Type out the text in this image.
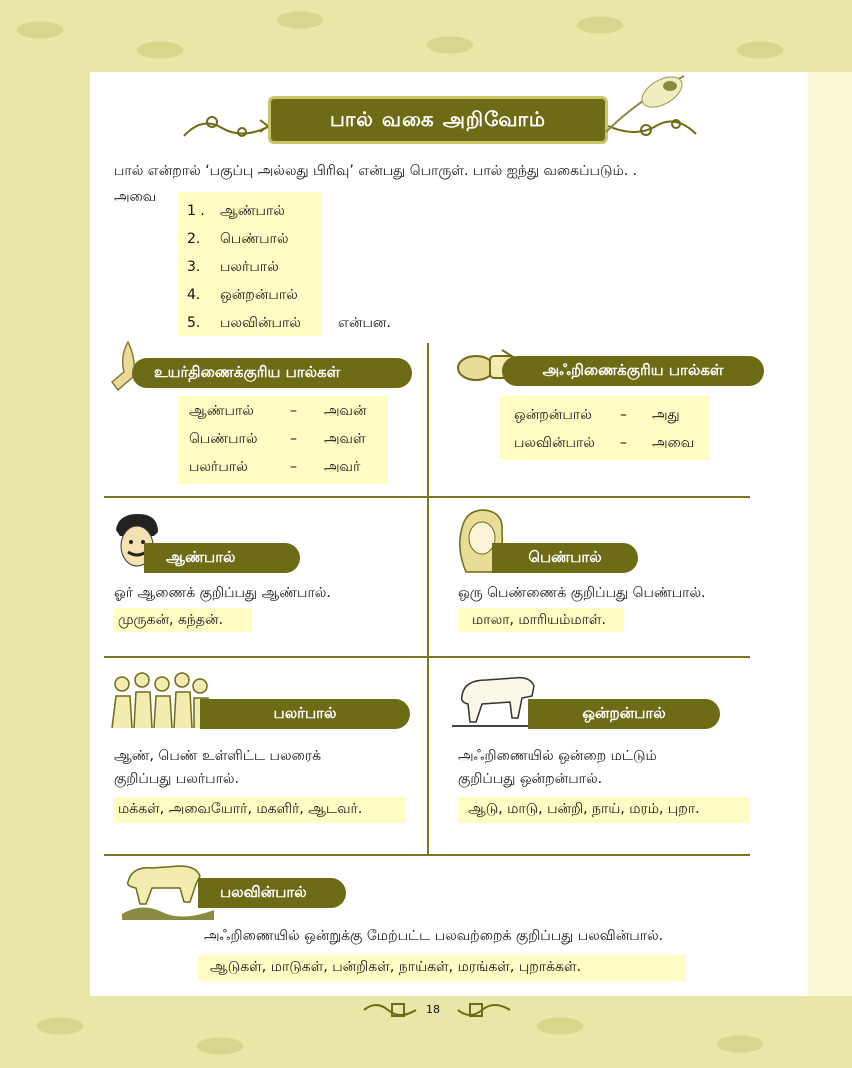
பால் வகை அறிவோம்
பால் என்றால் ‘பகுப்பு அல்லது பிரிவு’ என்பது பொருள். பால் ஐந்து வகைப்படும். .
அவை
1 . ஆண்பால்
2. பெண்பால்
3. பலர்பால்
4. ஒன்றன்பால்
5. பலவின்பால்	என்பன.
உயர்திணைக்குரிய பால்கள்
ஆண்பால்	– அவன்
பெண்பால் – அவள்
பலர்பால்	– அவர்
அஃறிணைக்குரிய பால்கள்
ஒன்றன்பால் – அது
பலவின்பால் – அவை
ஆண்பால்
ஓர் ஆணைக் குறிப்பது ஆண்பால்.
முருகன், கந்தன்.
பெண்பால்
ஒரு பெண்ணைக் குறிப்பது பெண்பால்.
மாலா, மாரியம்மாள்.
பலர்பால்
ஆண், பெண் உள்ளிட்ட பலரைக்
குறிப்பது பலர்பால்.
மக்கள், அவையோர், மகளிர், ஆடவர்.
ஒன்றன்பால்
அஃறிணையில் ஒன்றை மட்டும்
குறிப்பது ஒன்றன்பால்.
ஆடு, மாடு, பன்றி, நாய், மரம், புறா.
பலவின்பால்
அஃறிணையில் ஒன்றுக்கு மேற்பட்ட பலவற்றைக் குறிப்பது பலவின்பால்.
ஆடுகள், மாடுகள், பன்றிகள், நாய்கள், மரங்கள், புறாக்கள்.
18
